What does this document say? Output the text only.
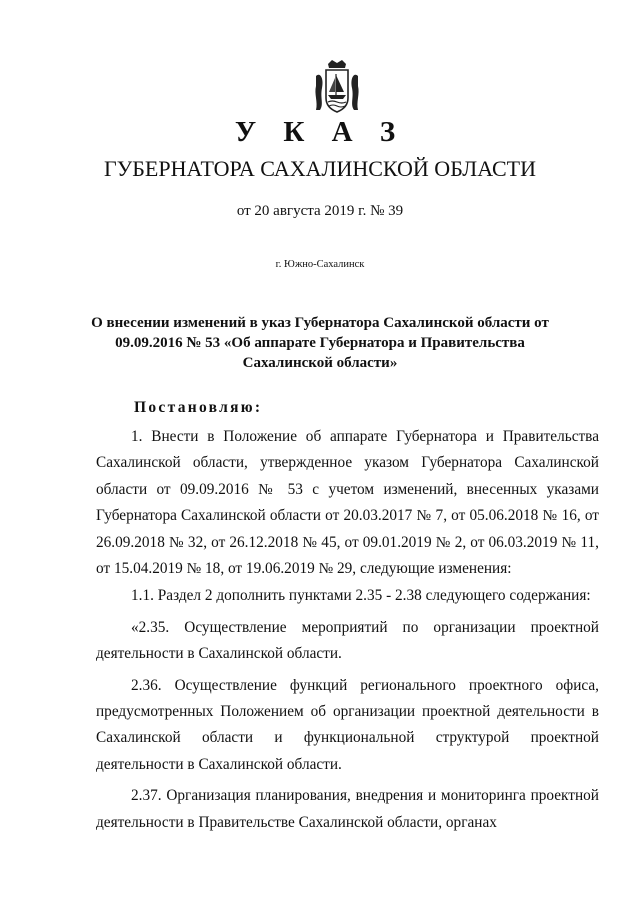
У К А З
ГУБЕРНАТОРА САХАЛИНСКОЙ ОБЛАСТИ
от 20 августа 2019 г. № 39
г. Южно-Сахалинск
О внесении изменений в указ Губернатора Сахалинской области от 09.09.2016 № 53 «Об аппарате Губернатора и Правительства Сахалинской области»
Постановляю:

1. Внести в Положение об аппарате Губернатора и Правительства Сахалинской области, утвержденное указом Губернатора Сахалинской области от 09.09.2016 № 53 с учетом изменений, внесенных указами Губернатора Сахалинской области от 20.03.2017 № 7, от 05.06.2018 № 16, от 26.09.2018 № 32, от 26.12.2018 № 45, от 09.01.2019 № 2, от 06.03.2019 № 11, от 15.04.2019 № 18, от 19.06.2019 № 29, следующие изменения:

1.1. Раздел 2 дополнить пунктами 2.35 - 2.38 следующего содержания:

«2.35. Осуществление мероприятий по организации проектной деятельности в Сахалинской области.

2.36. Осуществление функций регионального проектного офиса, предусмотренных Положением об организации проектной деятельности в Сахалинской области и функциональной структурой проектной деятельности в Сахалинской области.

2.37. Организация планирования, внедрения и мониторинга проектной деятельности в Правительстве Сахалинской области, органах
